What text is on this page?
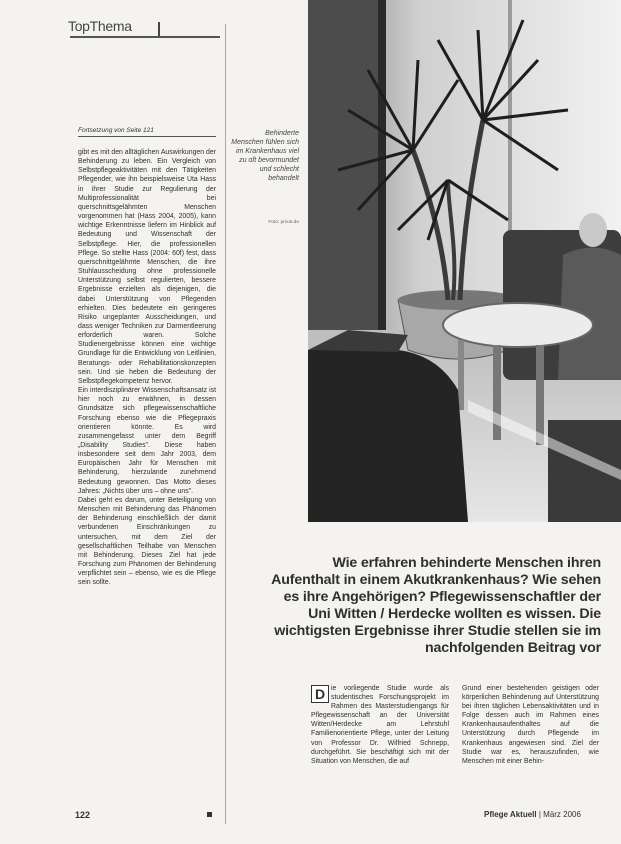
TopThema
Fortsetzung von Seite 121

gibt es mit den alltäglichen Auswirkungen der Behinderung zu leben. Ein Vergleich von Selbstpflegeaktivitäten mit den Tätigkeiten Pflegender, wie ihn beispielsweise Uta Hass in ihrer Studie zur Regulierung der Multiprofessionalität bei querschnittsgelähmten Menschen vorgenommen hat (Hass 2004, 2005), kann wichtige Erkenntnisse liefern im Hinblick auf Bedeutung und Wissenschaft der Selbstpflege. Hier, die professionellen Pflege. So stellte Hass (2004: 60f) fest, dass querschnittgelähmte Menschen, die ihre Stuhlausscheidung ohne professionelle Unterstützung selbst regulierten, bessere Ergebnisse erzielten als diejenigen, die dabei Unterstützung von Pflegenden erhielten. Dies bedeutete ein geringeres Risiko ungeplanter Ausscheidungen, und dass weniger Techniken zur Darmentleerung erforderlich waren. Solche Studienergebnisse können eine wichtige Grundlage für die Entwicklung von Leitlinien, Beratungs- oder Rehabilitationskonzepten sein. Und sie heben die Bedeutung der Selbstpflegekompetenz hervor.

Ein interdisziplinärer Wissenschaftsansatz ist hier noch zu erwähnen, in dessen Grundsätze sich pflegewissenschaftliche Forschung ebenso wie die Pflegepraxis orientieren könnte. Es wird zusammengefasst unter dem Begriff „Disability Studies". Diese haben insbesondere seit dem Jahr 2003, dem Europäischen Jahr für Menschen mit Behinderung, hierzulande zunehmend Bedeutung gewonnen. Das Motto dieses Jahres: „Nichts über uns – ohne uns".

Dabei geht es darum, unter Beteiligung von Menschen mit Behinderung das Phänomen der Behinderung einschließlich der damit verbundenen Einschränkungen zu untersuchen, mit dem Ziel der gesellschaftlichen Teilhabe von Menschen mit Behinderung. Dieses Ziel hat jede Forschung zum Phänomen der Behinderung verpflichtet sein – ebenso, wie es die Pflege sein sollte.

Behinderte Menschen fühlen sich im Krankenhaus viel zu oft bevormundet und schlecht behandelt
Foto: privat.de
Wie erfahren behinderte Menschen ihren Aufenthalt in einem Akutkrankenhaus? Wie sehen es ihre Angehörigen? Pflegewissenschaftler der Uni Witten / Herdecke wollten es wissen. Die wichtigsten Ergebnisse ihrer Studie stellen sie im nachfolgenden Beitrag vor
D ie vorliegende Studie wurde als studentisches Forschungsprojekt im Rahmen des Masterstudiengangs für Pflegewissenschaft an der Universität Witten/Herdecke am Lehrstuhl Familienorientierte Pflege, unter der Leitung von Professor Dr. Wilfried Schnepp, durchgeführt. Sie beschäftigt sich mit der Situation von Menschen, die auf
Grund einer bestehenden geistigen oder körperlichen Behinderung auf Unterstützung bei ihren täglichen Lebensaktivitäten und in Folge dessen auch im Rahmen eines Krankenhausaufenthaltes auf die Unterstützung durch Pflegende im Krankenhaus angewiesen sind. Ziel der Studie war es, herauszufinden, wie Menschen mit einer Behin-
122	Pflege Aktuell | März 2006
